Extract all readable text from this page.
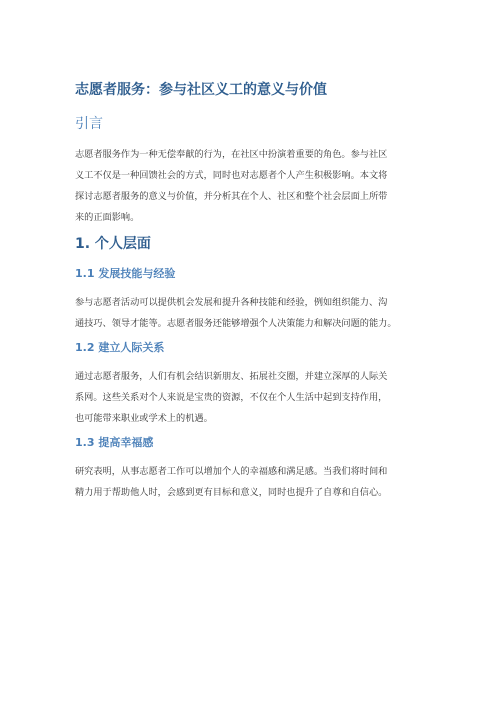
志愿者服务：参与社区义工的意义与价值
引言
志愿者服务作为一种无偿奉献的行为，在社区中扮演着重要的角色。参与社区
义工不仅是一种回馈社会的方式，同时也对志愿者个人产生积极影响。本文将
探讨志愿者服务的意义与价值，并分析其在个人、社区和整个社会层面上所带
来的正面影响。
1. 个人层面
1.1 发展技能与经验
参与志愿者活动可以提供机会发展和提升各种技能和经验，例如组织能力、沟
通技巧、领导才能等。志愿者服务还能够增强个人决策能力和解决问题的能力。
1.2 建立人际关系
通过志愿者服务，人们有机会结识新朋友、拓展社交圈，并建立深厚的人际关
系网。这些关系对个人来说是宝贵的资源，不仅在个人生活中起到支持作用，
也可能带来职业或学术上的机遇。
1.3 提高幸福感
研究表明，从事志愿者工作可以增加个人的幸福感和满足感。当我们将时间和
精力用于帮助他人时，会感到更有目标和意义，同时也提升了自尊和自信心。
